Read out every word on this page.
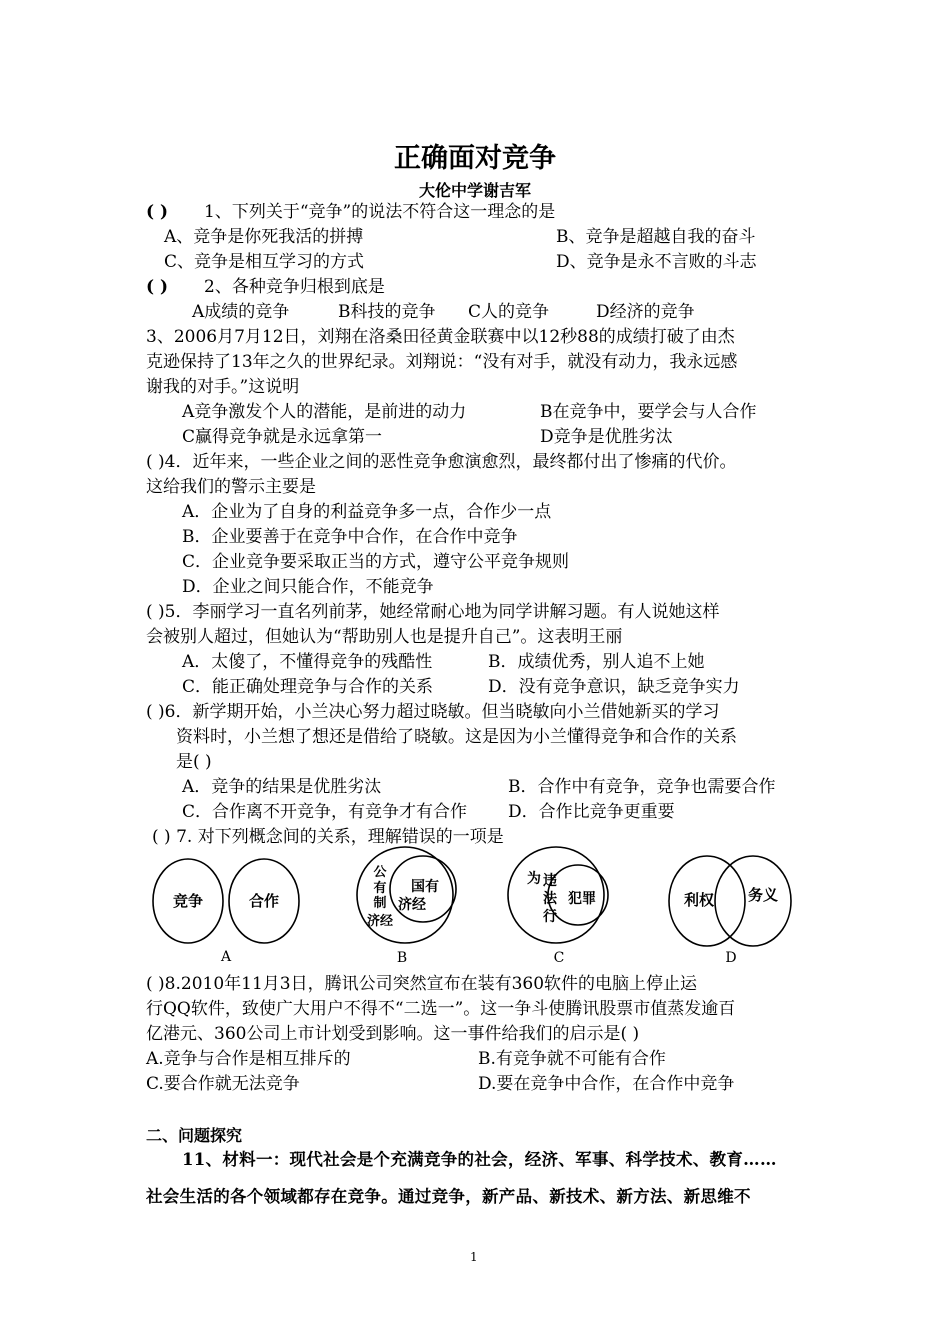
正确面对竞争
大伦中学谢吉军
( ) 1、下列关于“竞争”的说法不符合这一理念的是
A、竞争是你死我活的拼搏	B、竞争是超越自我的奋斗
C、竞争是相互学习的方式	D、竞争是永不言败的斗志
( ) 2、各种竞争归根到底是
A成绩的竞争	B科技的竞争 C人的竞争	D经济的竞争
3、2006月7月12日，刘翔在洛桑田径黄金联赛中以12秒88的成绩打破了由杰
克逊保持了13年之久的世界纪录。刘翔说：“没有对手，就没有动力，我永远感
谢我的对手。”这说明
A竞争激发个人的潜能，是前进的动力	B在竞争中，要学会与人合作
C赢得竞争就是永远拿第一	D竞争是优胜劣汰
( )4．近年来，一些企业之间的恶性竞争愈演愈烈，最终都付出了惨痛的代价。
这给我们的警示主要是
A．企业为了自身的利益竞争多一点，合作少一点
B．企业要善于在竞争中合作，在合作中竞争
C．企业竞争要采取正当的方式，遵守公平竞争规则
D．企业之间只能合作，不能竞争
( )5．李丽学习一直名列前茅，她经常耐心地为同学讲解习题。有人说她这样
会被别人超过，但她认为“帮助别人也是提升自己”。这表明王丽
A．太傻了，不懂得竞争的残酷性	B．成绩优秀，别人追不上她
C．能正确处理竞争与合作的关系	D．没有竞争意识，缺乏竞争实力
( )6．新学期开始，小兰决心努力超过晓敏。但当晓敏向小兰借她新买的学习
资料时，小兰想了想还是借给了晓敏。这是因为小兰懂得竞争和合作的关系
是( )
A．竞争的结果是优胜劣汰	B．合作中有竞争，竞争也需要合作
C．合作离不开竞争，有竞争才有合作 D．合作比竞争更重要
( ) 7. 对下列概念间的关系，理解错误的一项是
竞争	合作
A
公
有
制
济经
国有
济经
B
为 违
法
行
犯罪
C
利权 务义
D
( )8.2010年11月3日，腾讯公司突然宣布在装有360软件的电脑上停止运
行QQ软件，致使广大用户不得不“二选一”。这一争斗使腾讯股票市值蒸发逾百
亿港元、360公司上市计划受到影响。这一事件给我们的启示是( )
A.竞争与合作是相互排斥的	B.有竞争就不可能有合作
C.要合作就无法竞争	D.要在竞争中合作，在合作中竞争
二、问题探究
11、材料一：现代社会是个充满竞争的社会，经济、军事、科学技术、教育……
社会生活的各个领域都存在竞争。通过竞争，新产品、新技术、新方法、新思维不
1
